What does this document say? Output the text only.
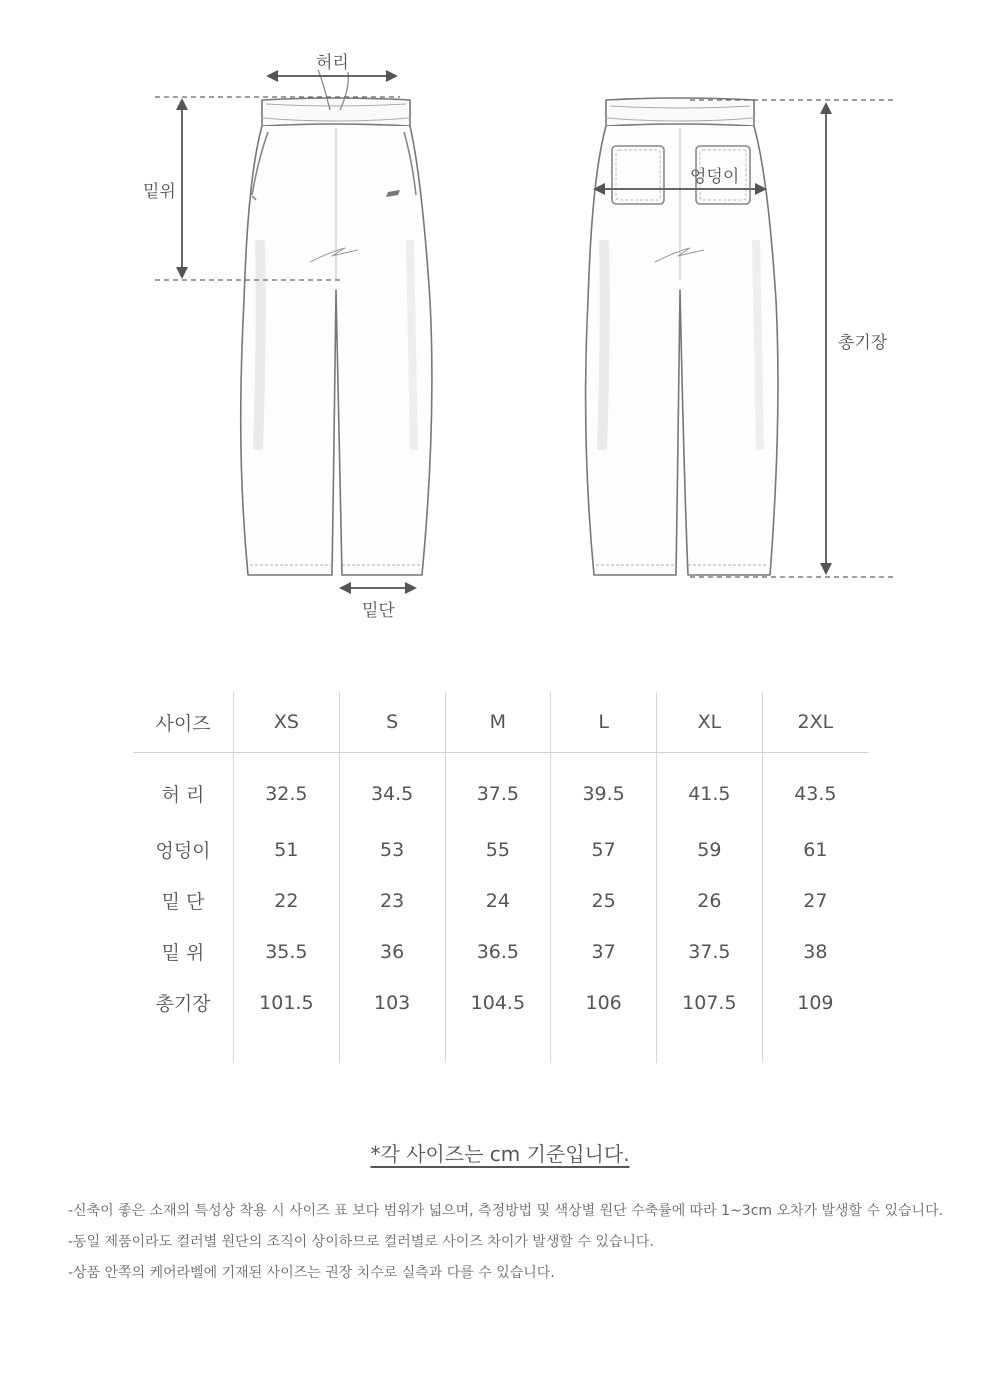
허리
밑위
밑단
엉덩이
총기장
사이즈	XS	S	M	L	XL	2XL
허 리	32.5	34.5	37.5	39.5	41.5	43.5
엉덩이	51	53	55	57	59	61
밑 단	22	23	24	25	26	27
밑 위	35.5	36	36.5	37	37.5	38
총기장	101.5	103	104.5	106	107.5	109

*각 사이즈는 cm 기준입니다.

-신축이 좋은 소재의 특성상 착용 시 사이즈 표 보다 범위가 넓으며, 측정방법 및 색상별 원단 수축률에 따라 1~3cm 오차가 발생할 수 있습니다.

-동일 제품이라도 컬러별 원단의 조직이 상이하므로 컬러별로 사이즈 차이가 발생할 수 있습니다.

-상품 안쪽의 케어라벨에 기재된 사이즈는 권장 치수로 실측과 다를 수 있습니다.
